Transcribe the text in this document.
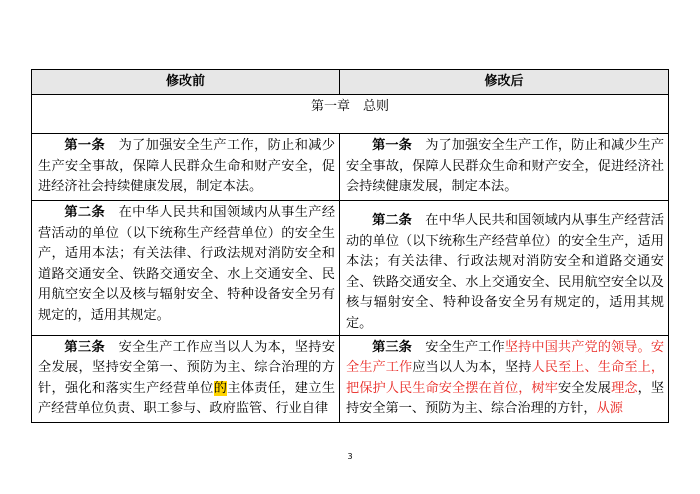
修改前	修改后
第一章　总则	

第一条　 为了加强安全生产工作，防止和减少生产安全事故，保障人民群众生命和财产安全，促进经济社会持续健康发展，制定本法。	第一条　 为了加强安全生产工作，防止和减少生产安全事故，保障人民群众生命和财产安全，促进经济社会持续健康发展，制定本法。

第二条　 在中华人民共和国领域内从事生产经营活动的单位（以下统称生产经营单位）的安全生产，适用本法；有关法律、行政法规对消防安全和道路交通安全、铁路交通安全、水上交通安全、民用航空安全以及核与辐射安全、特种设备安全另有规定的，适用其规定。	第二条　 在中华人民共和国领域内从事生产经营活动的单位（以下统称生产经营单位）的安全生产，适用本法；有关法律、行政法规对消防安全和道路交通安全、铁路交通安全、水上交通安全、民用航空安全以及核与辐射安全、特种设备安全另有规定的，适用其规定。

第三条　 安全生产工作应当以人为本，坚持安全发展，坚持安全第一、预防为主、综合治理的方针，强化和落实生产经营单位的主体责任，建立生产经营单位负责、职工参与、政府监管、行业自律	第三条　 安全生产工作坚持中国共产党的领导。安全生产工作应当以人为本，坚持人民至上、生命至上，把保护人民生命安全摆在首位，树牢安全发展理念，坚持安全第一、预防为主、综合治理的方针，从源
3
